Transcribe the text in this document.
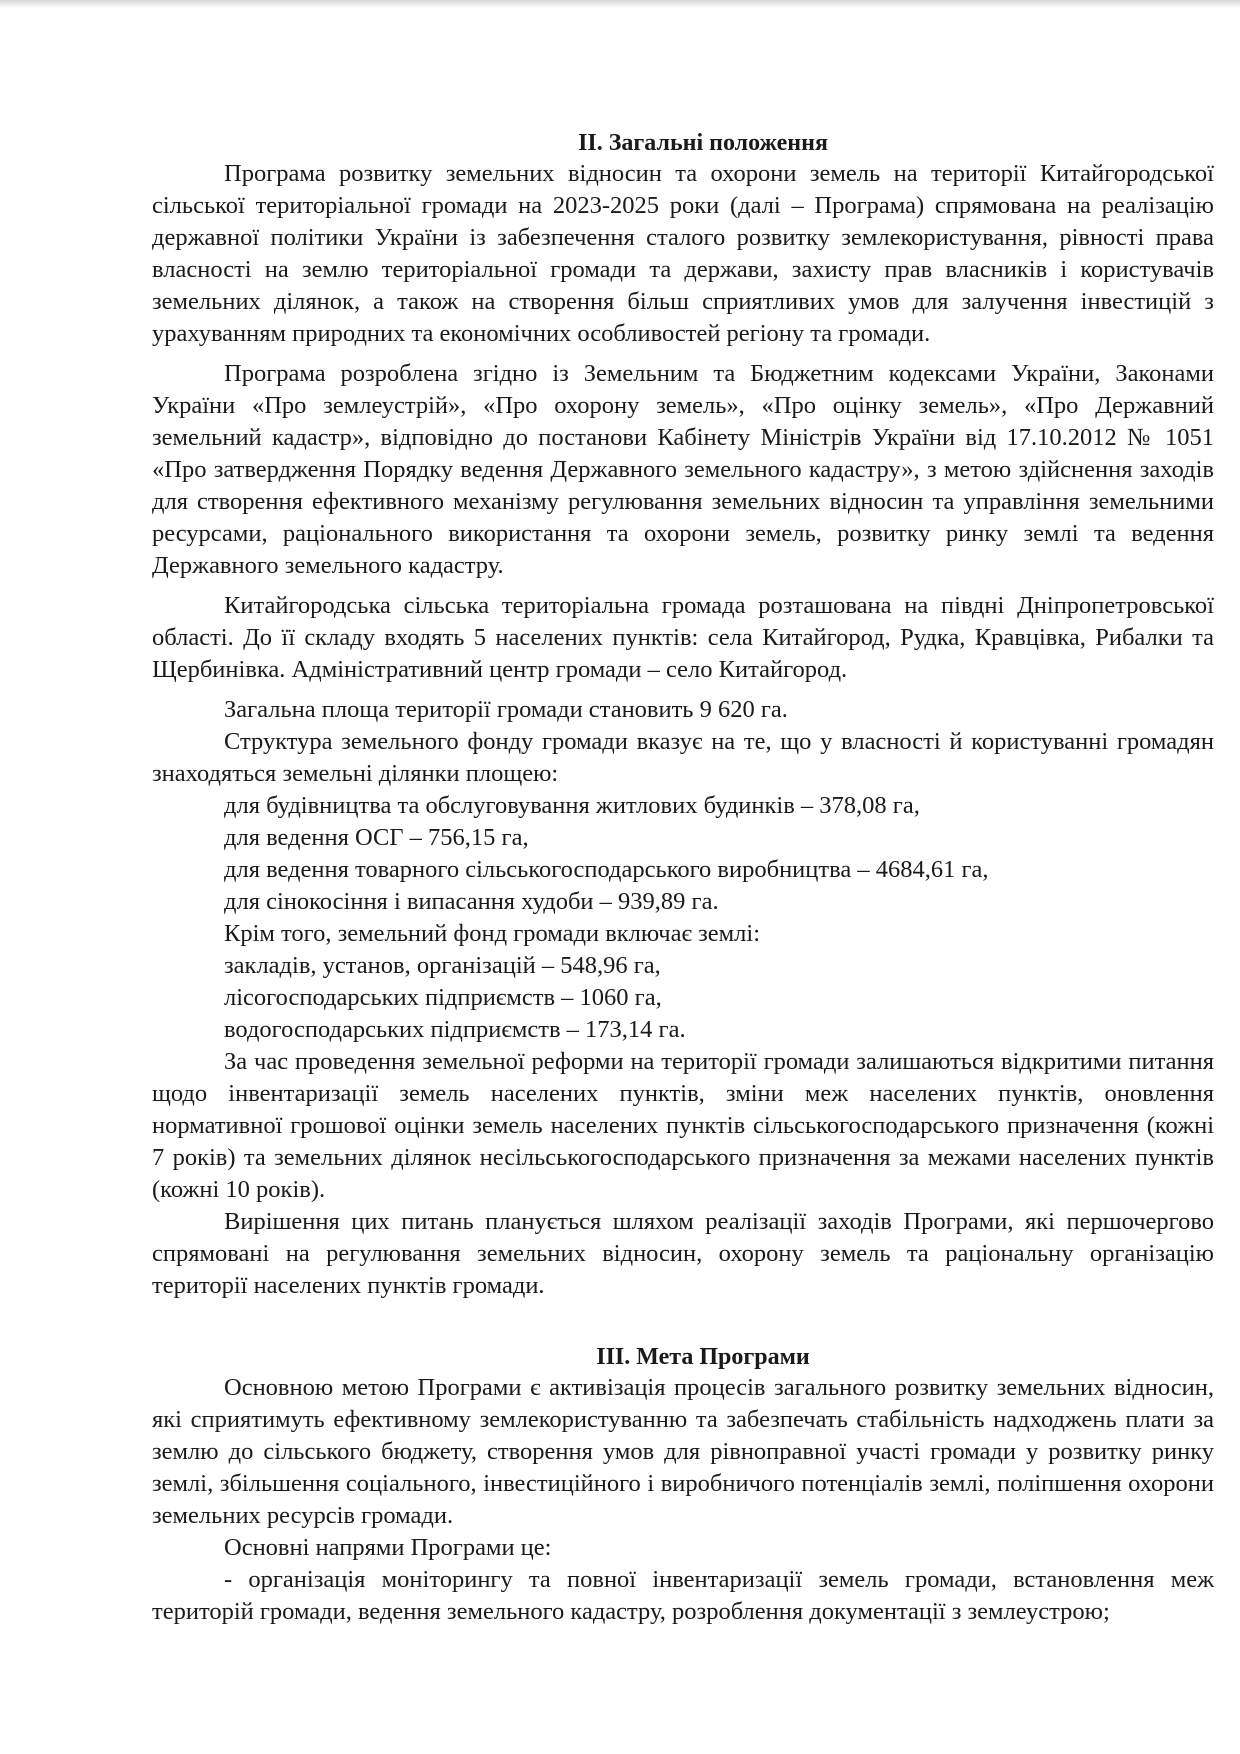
II. Загальні положення

Програма розвитку земельних відносин та охорони земель на території Китайгородської сільської територіальної громади на 2023-2025 роки (далі – Програма) спрямована на реалізацію державної політики України із забезпечення сталого розвитку землекористування, рівності права власності на землю територіальної громади та держави, захисту прав власників і користувачів земельних ділянок, а також на створення більш сприятливих умов для залучення інвестицій з урахуванням природних та економічних особливостей регіону та громади.

Програма розроблена згідно із Земельним та Бюджетним кодексами України, Законами України «Про землеустрій», «Про охорону земель», «Про оцінку земель», «Про Державний земельний кадастр», відповідно до постанови Кабінету Міністрів України від 17.10.2012 № 1051 «Про затвердження Порядку ведення Державного земельного кадастру», з метою здійснення заходів для створення ефективного механізму регулювання земельних відносин та управління земельними ресурсами, раціонального використання та охорони земель, розвитку ринку землі та ведення Державного земельного кадастру.

Китайгородська сільська територіальна громада розташована на півдні Дніпропетровської області. До її складу входять 5 населених пунктів: села Китайгород, Рудка, Кравцівка, Рибалки та Щербинівка. Адміністративний центр громади – село Китайгород.

Загальна площа території громади становить 9 620 га.

Структура земельного фонду громади вказує на те, що у власності й користуванні громадян знаходяться земельні ділянки площею:

для будівництва та обслуговування житлових будинків – 378,08 га,

для ведення ОСГ – 756,15 га,

для ведення товарного сільськогосподарського виробництва – 4684,61 га,

для сінокосіння і випасання худоби – 939,89 га.

Крім того, земельний фонд громади включає землі:

закладів, установ, організацій – 548,96 га,

лісогосподарських підприємств – 1060 га,

водогосподарських підприємств – 173,14 га.

За час проведення земельної реформи на території громади залишаються відкритими питання щодо інвентаризації земель населених пунктів, зміни меж населених пунктів, оновлення нормативної грошової оцінки земель населених пунктів сільськогосподарського призначення (кожні 7 років) та земельних ділянок несільськогосподарського призначення за межами населених пунктів (кожні 10 років).

Вирішення цих питань планується шляхом реалізації заходів Програми, які першочергово спрямовані на регулювання земельних відносин, охорону земель та раціональну організацію території населених пунктів громади.

III. Мета Програми

Основною метою Програми є активізація процесів загального розвитку земельних відносин, які сприятимуть ефективному землекористуванню та забезпечать стабільність надходжень плати за землю до сільського бюджету, створення умов для рівноправної участі громади у розвитку ринку землі, збільшення соціального, інвестиційного і виробничого потенціалів землі, поліпшення охорони земельних ресурсів громади.

Основні напрями Програми це:

- організація моніторингу та повної інвентаризації земель громади, встановлення меж територій громади, ведення земельного кадастру, розроблення документації з землеустрою;
